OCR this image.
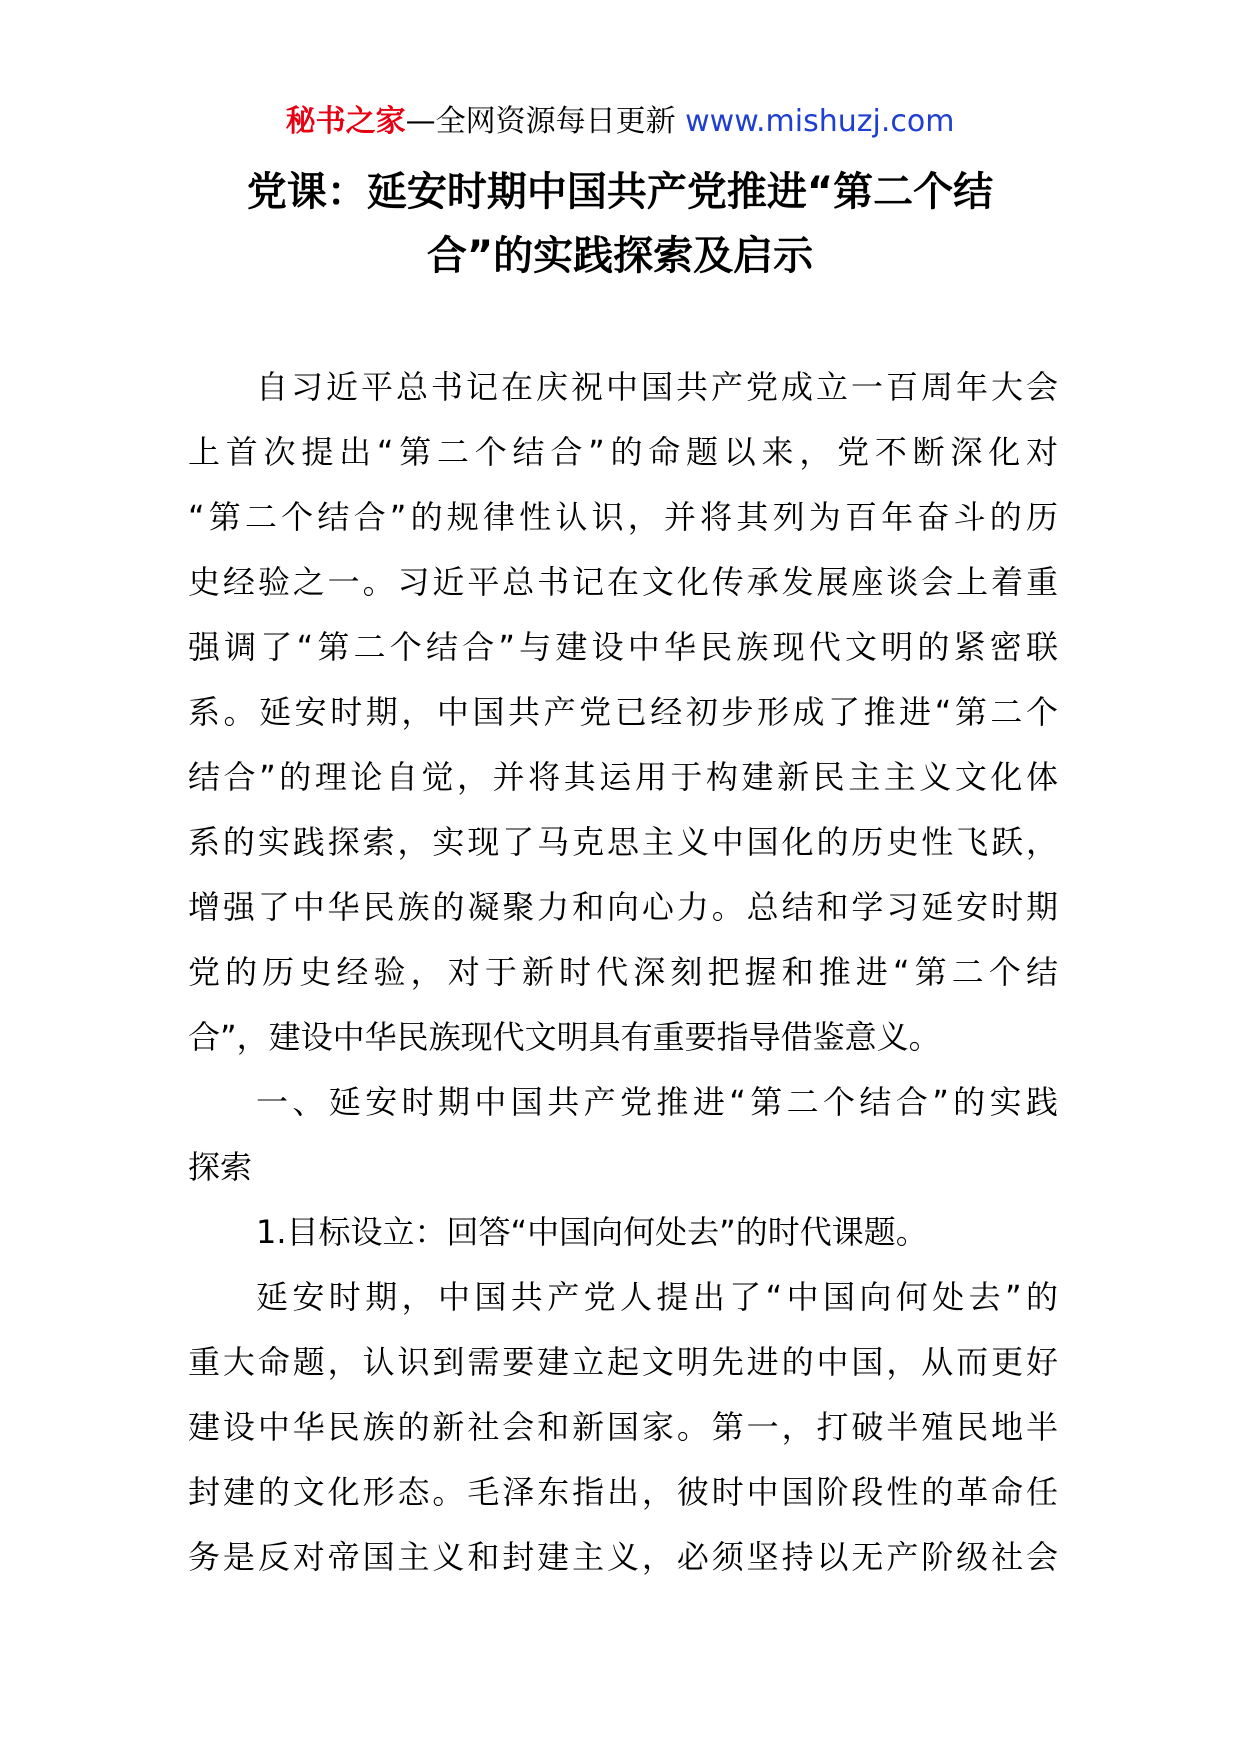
秘书之家—全网资源每日更新 www.mishuzj.com
党课：延安时期中国共产党推进“第二个结
合”的实践探索及启示
自习近平总书记在庆祝中国共产党成立一百周年大会
上首次提出“第二个结合”的命题以来，党不断深化对
“第二个结合”的规律性认识，并将其列为百年奋斗的历
史经验之一。习近平总书记在文化传承发展座谈会上着重
强调了“第二个结合”与建设中华民族现代文明的紧密联
系。延安时期，中国共产党已经初步形成了推进“第二个
结合”的理论自觉，并将其运用于构建新民主主义文化体
系的实践探索，实现了马克思主义中国化的历史性飞跃，
增强了中华民族的凝聚力和向心力。总结和学习延安时期
党的历史经验，对于新时代深刻把握和推进“第二个结
合”，建设中华民族现代文明具有重要指导借鉴意义。
一、延安时期中国共产党推进“第二个结合”的实践
探索
1.目标设立：回答“中国向何处去”的时代课题。
延安时期，中国共产党人提出了“中国向何处去”的
重大命题，认识到需要建立起文明先进的中国，从而更好
建设中华民族的新社会和新国家。第一，打破半殖民地半
封建的文化形态。毛泽东指出，彼时中国阶段性的革命任
务是反对帝国主义和封建主义，必须坚持以无产阶级社会
